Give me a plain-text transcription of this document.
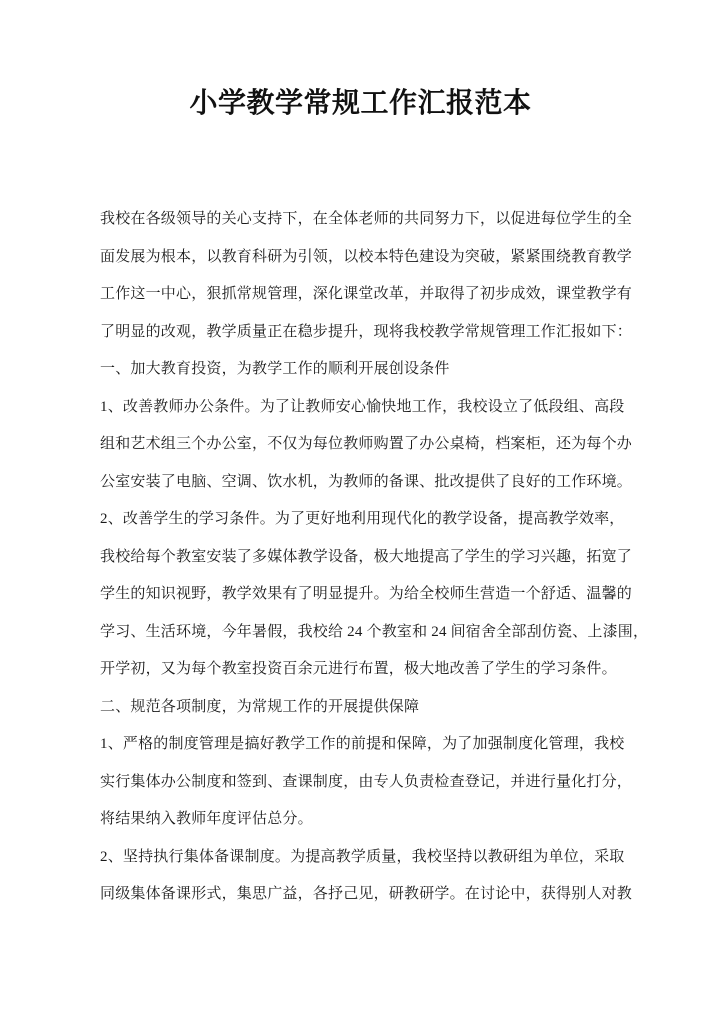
小学教学常规工作汇报范本

我校在各级领导的关心支持下，在全体老师的共同努力下，以促进每位学生的全
面发展为根本，以教育科研为引领，以校本特色建设为突破，紧紧围绕教育教学
工作这一中心，狠抓常规管理，深化课堂改革，并取得了初步成效，课堂教学有
了明显的改观，教学质量正在稳步提升，现将我校教学常规管理工作汇报如下：

一、加大教育投资，为教学工作的顺利开展创设条件

1、改善教师办公条件。为了让教师安心愉快地工作，我校设立了低段组、高段
组和艺术组三个办公室，不仅为每位教师购置了办公桌椅，档案柜，还为每个办
公室安装了电脑、空调、饮水机，为教师的备课、批改提供了良好的工作环境。

2、改善学生的学习条件。为了更好地利用现代化的教学设备，提高教学效率，
我校给每个教室安装了多媒体教学设备，极大地提高了学生的学习兴趣，拓宽了
学生的知识视野，教学效果有了明显提升。为给全校师生营造一个舒适、温馨的
学习、生活环境，今年暑假，我校给 24 个教室和 24 间宿舍全部刮仿瓷、上漆围，
开学初，又为每个教室投资百余元进行布置，极大地改善了学生的学习条件。

二、规范各项制度，为常规工作的开展提供保障

1、严格的制度管理是搞好教学工作的前提和保障，为了加强制度化管理，我校
实行集体办公制度和签到、查课制度，由专人负责检查登记，并进行量化打分，
将结果纳入教师年度评估总分。

2、坚持执行集体备课制度。为提高教学质量，我校坚持以教研组为单位，采取
同级集体备课形式，集思广益，各抒己见，研教研学。在讨论中，获得别人对教
